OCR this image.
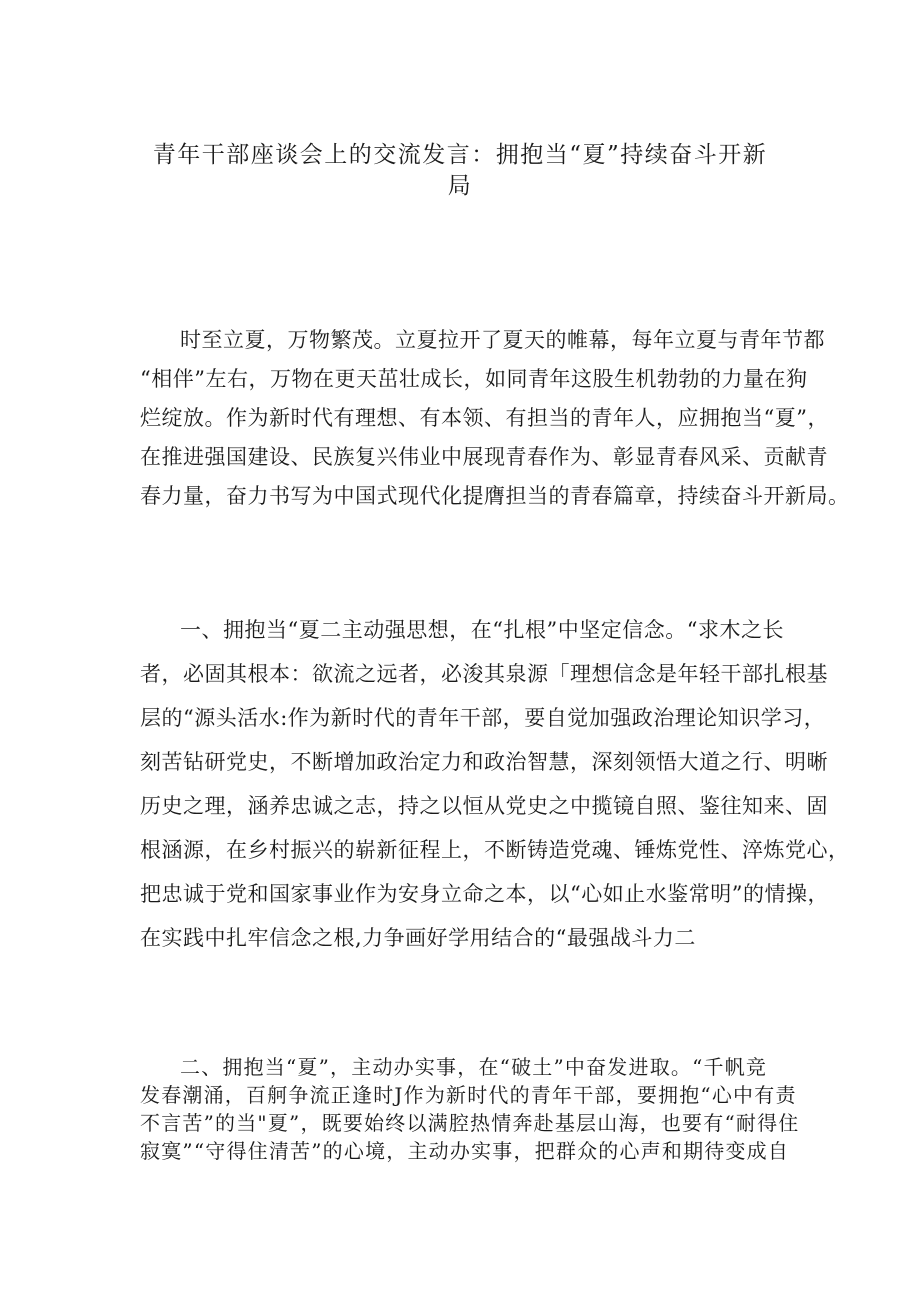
青年干部座谈会上的交流发言：拥抱当“夏”持续奋斗开新
局
时至立夏，万物繁茂。立夏拉开了夏天的帷幕，每年立夏与青年节都
“相伴”左右，万物在更天茁壮成长，如同青年这股生机勃勃的力量在狗
烂绽放。作为新时代有理想、有本领、有担当的青年人，应拥抱当“夏”，
在推进强国建设、民族复兴伟业中展现青春作为、彰显青春风采、贡献青
春力量，奋力书写为中国式现代化提膺担当的青春篇章，持续奋斗开新局。
一、拥抱当“夏二主动强思想，在“扎根”中坚定信念。“求木之长
者，必固其根本：欲流之远者，必浚其泉源「理想信念是年轻干部扎根基
层的“源头活水:作为新时代的青年干部，要自觉加强政治理论知识学习，
刻苦钻研党史，不断增加政治定力和政治智慧，深刻领悟大道之行、明晰
历史之理，涵养忠诚之志，持之以恒从党史之中揽镜自照、鉴往知来、固
根涵源，在乡村振兴的崭新征程上，不断铸造党魂、锤炼党性、淬炼党心，
把忠诚于党和国家事业作为安身立命之本，以“心如止水鉴常明”的情操，
在实践中扎牢信念之根,力争画好学用结合的“最强战斗力二
二、拥抱当“夏”，主动办实事，在“破土”中奋发进取。“千帆竞
发春潮涌，百舸争流正逢时J作为新时代的青年干部，要拥抱“心中有责
不言苦”的当"夏”，既要始终以满腔热情奔赴基层山海，也要有“耐得住
寂寞”“守得住清苦”的心境，主动办实事，把群众的心声和期待变成自
